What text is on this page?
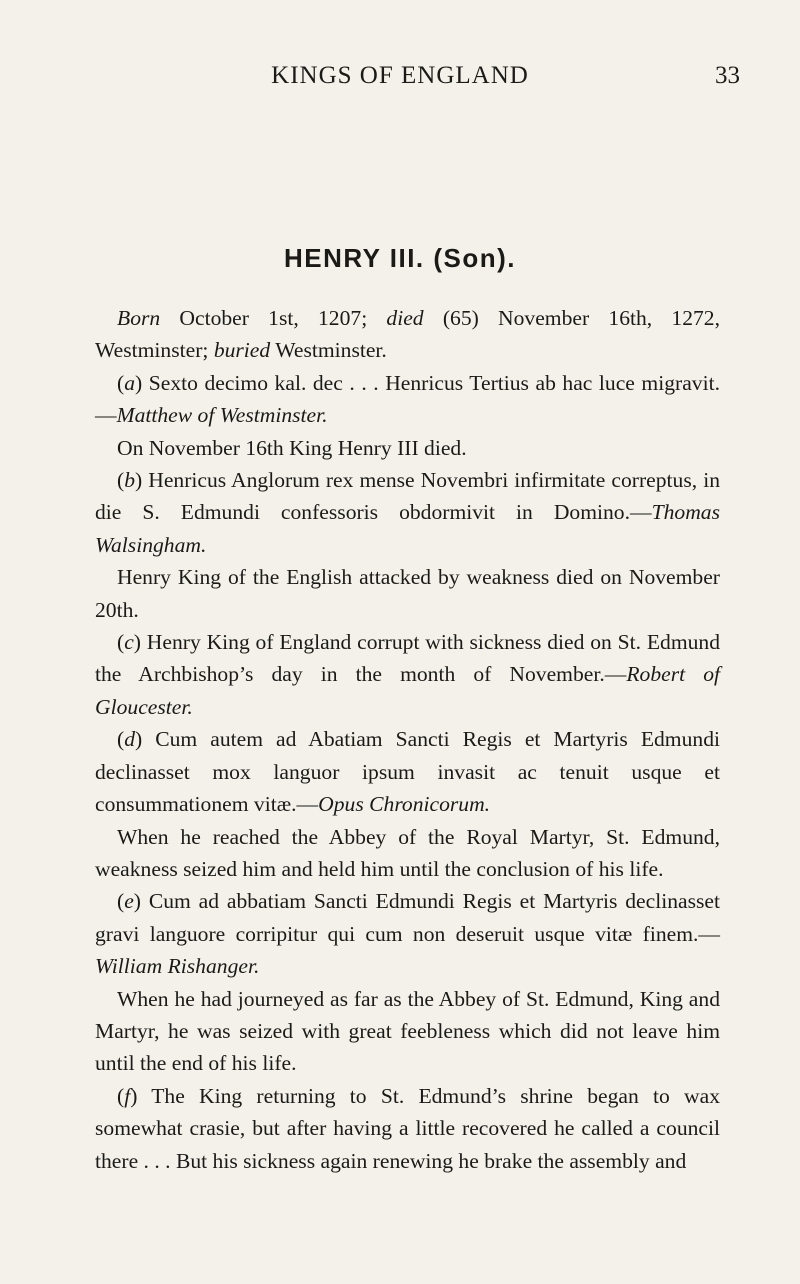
KINGS OF ENGLAND	33
HENRY III. (Son).

Born October 1st, 1207; died (65) November 16th, 1272, Westminster; buried Westminster.

(a) Sexto decimo kal. dec . . . Henricus Tertius ab hac luce migravit.—Matthew of Westminster.

On November 16th King Henry III died.

(b) Henricus Anglorum rex mense Novembri infirmitate correptus, in die S. Edmundi confessoris obdormivit in Domino.—Thomas Walsingham.

Henry King of the English attacked by weakness died on November 20th.

(c) Henry King of England corrupt with sickness died on St. Edmund the Archbishop’s day in the month of November.—Robert of Gloucester.

(d) Cum autem ad Abatiam Sancti Regis et Martyris Edmundi declinasset mox languor ipsum invasit ac tenuit usque et consummationem vitæ.—Opus Chronicorum.

When he reached the Abbey of the Royal Martyr, St. Edmund, weakness seized him and held him until the conclusion of his life.

(e) Cum ad abbatiam Sancti Edmundi Regis et Martyris declinasset gravi languore corripitur qui cum non deseruit usque vitæ finem.—William Rishanger.

When he had journeyed as far as the Abbey of St. Edmund, King and Martyr, he was seized with great feebleness which did not leave him until the end of his life.

(f) The King returning to St. Edmund’s shrine began to wax somewhat crasie, but after having a little recovered he called a council there . . . But his sickness again renewing he brake the assembly and
